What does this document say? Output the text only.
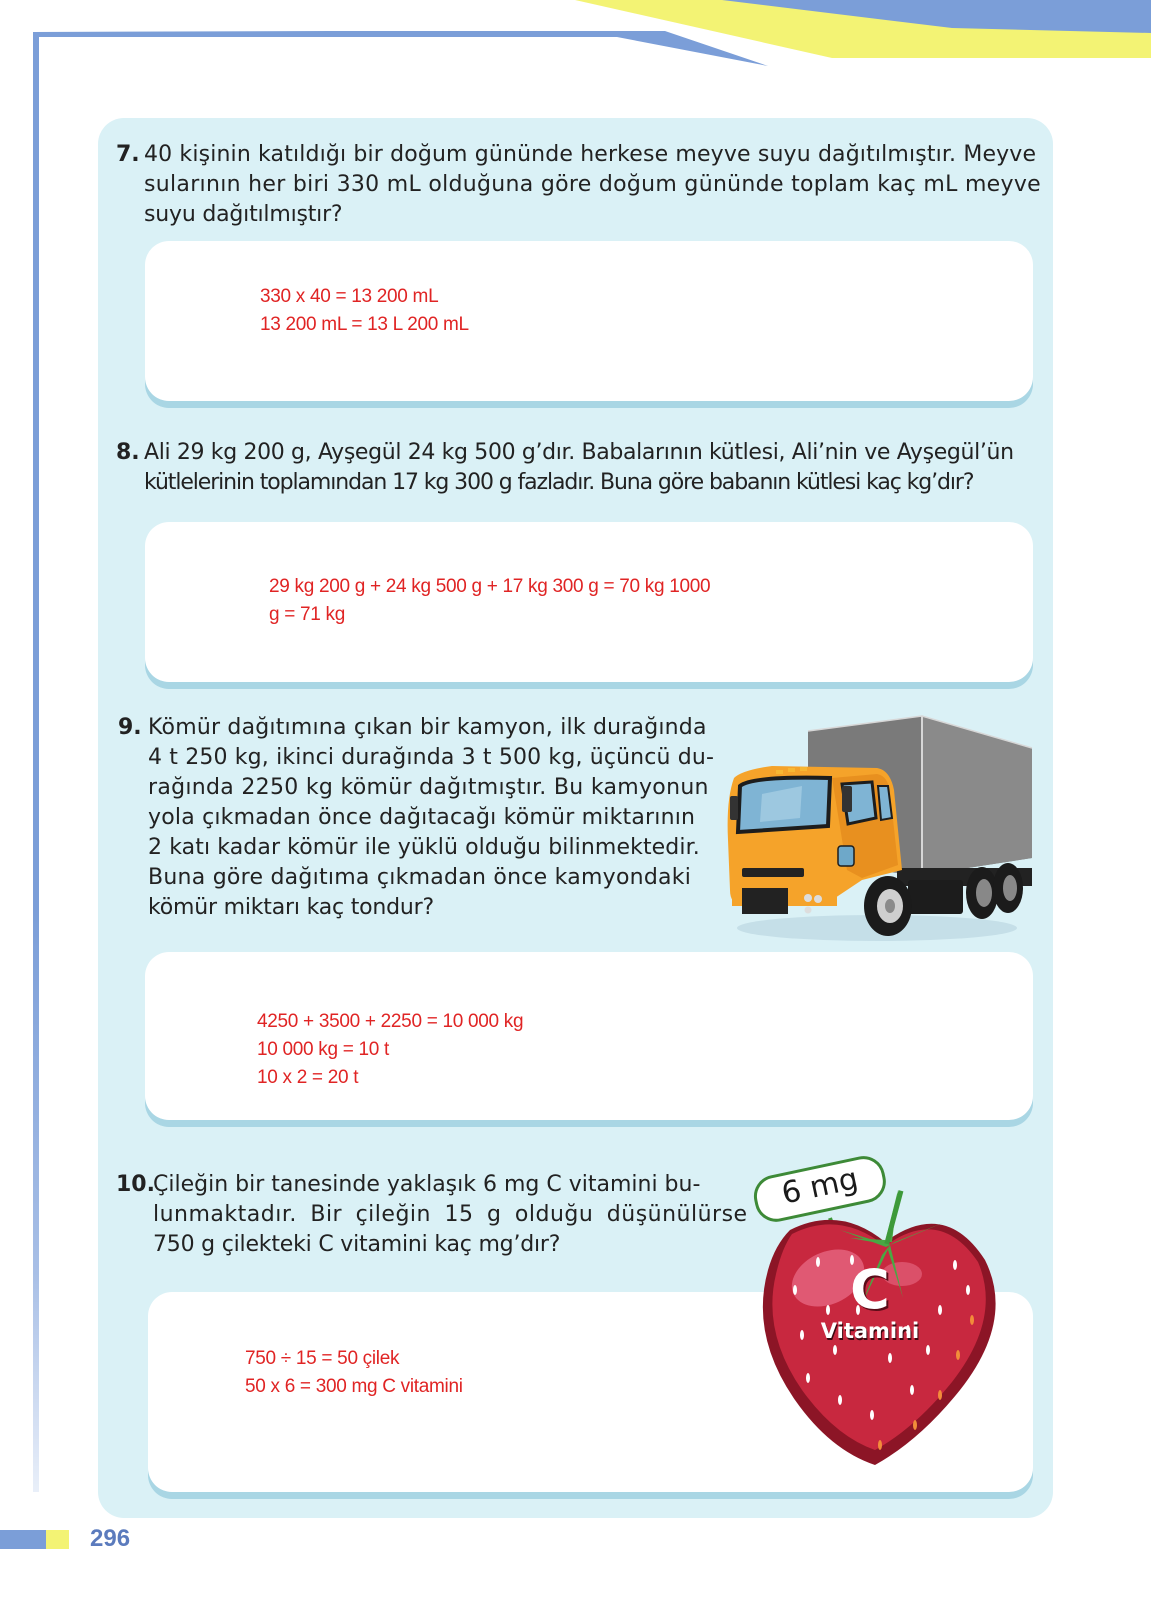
7. 40 kişinin katıldığı bir doğum gününde herkese meyve suyu dağıtılmıştır. Meyve
sularının her biri 330 mL olduğuna göre doğum gününde toplam kaç mL meyve
suyu dağıtılmıştır?
330 x 40 = 13 200 mL
13 200 mL = 13 L 200 mL
8. Ali 29 kg 200 g, Ayşegül 24 kg 500 g’dır. Babalarının kütlesi, Ali’nin ve Ayşegül’ün
kütlelerinin toplamından 17 kg 300 g fazladır. Buna göre babanın kütlesi kaç kg’dır?
29 kg 200 g + 24 kg 500 g + 17 kg 300 g = 70 kg 1000
g = 71 kg
9. Kömür dağıtımına çıkan bir kamyon, ilk durağında
4 t 250 kg, ikinci durağında 3 t 500 kg, üçüncü du-
rağında 2250 kg kömür dağıtmıştır. Bu kamyonun
yola çıkmadan önce dağıtacağı kömür miktarının
2 katı kadar kömür ile yüklü olduğu bilinmektedir.
Buna göre dağıtıma çıkmadan önce kamyondaki
kömür miktarı kaç tondur?
4250 + 3500 + 2250 = 10 000 kg
10 000 kg = 10 t
10 x 2 = 20 t
10.
Çileğin bir tanesinde yaklaşık 6 mg C vitamini bu-
lunmaktadır. Bir çileğin 15 g olduğu düşünülürse
750 g çilekteki C vitamini kaç mg’dır?
750 ÷ 15 = 50 çilek
50 x 6 = 300 mg C vitamini
6 mg
C
Vitamini
296
